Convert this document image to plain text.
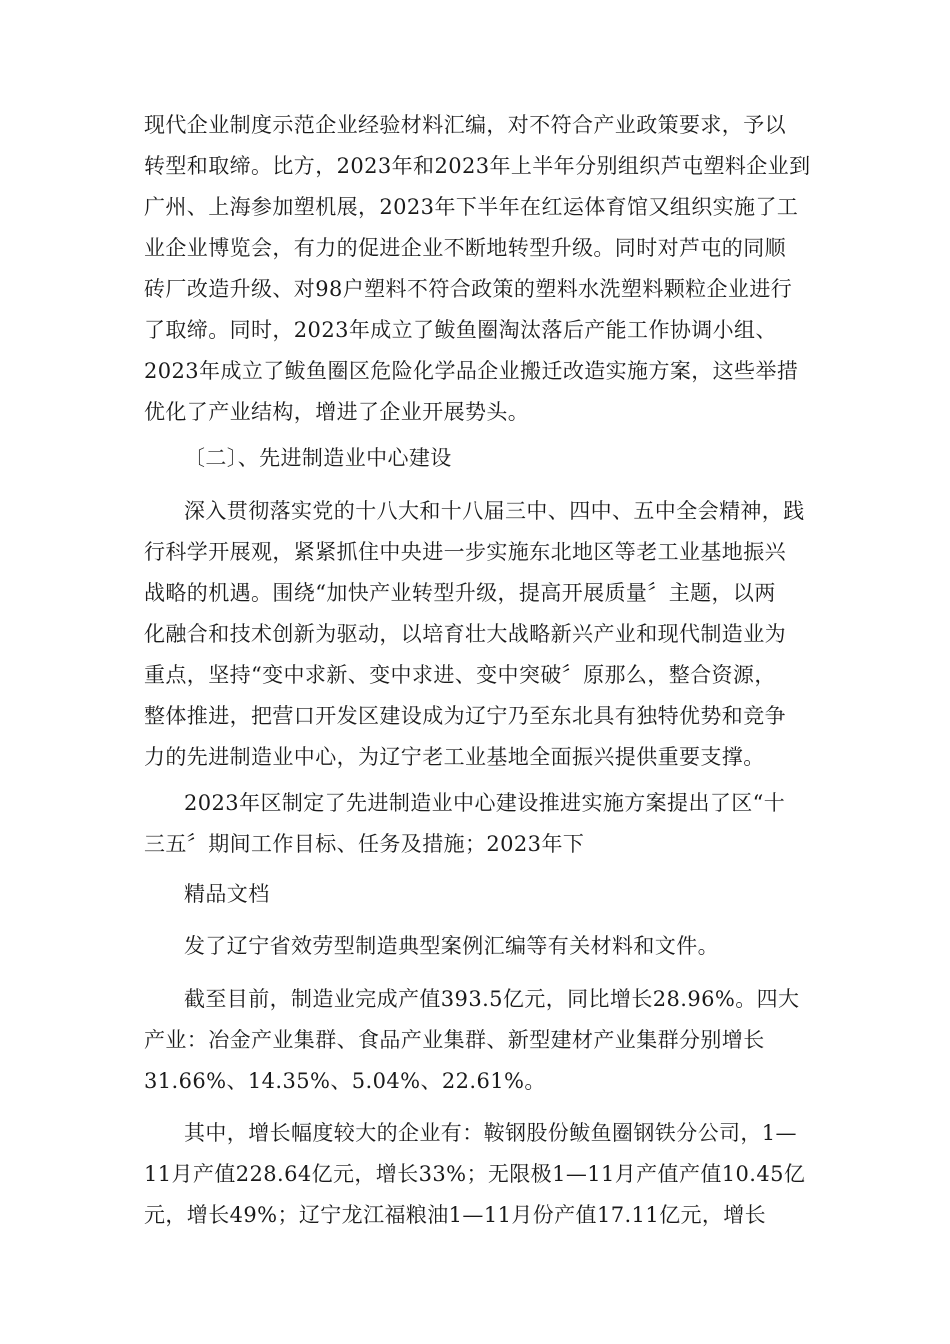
现代企业制度示范企业经验材料汇编，对不符合产业政策要求，予以
转型和取缔。比方，2023年和2023年上半年分别组织芦屯塑料企业到
广州、上海参加塑机展，2023年下半年在红运体育馆又组织实施了工
业企业博览会，有力的促进企业不断地转型升级。同时对芦屯的同顺
砖厂改造升级、对98户塑料不符合政策的塑料水洗塑料颗粒企业进行
了取缔。同时，2023年成立了鲅鱼圈淘汰落后产能工作协调小组、
2023年成立了鲅鱼圈区危险化学品企业搬迁改造实施方案，这些举措
优化了产业结构，增进了企业开展势头。
〔二〕、先进制造业中心建设
深入贯彻落实党的十八大和十八届三中、四中、五中全会精神，践
行科学开展观，紧紧抓住中央进一步实施东北地区等老工业基地振兴
战略的机遇。围绕“加快产业转型升级，提高开展质量〞主题，以两
化融合和技术创新为驱动，以培育壮大战略新兴产业和现代制造业为
重点，坚持“变中求新、变中求进、变中突破〞原那么，整合资源，
整体推进，把营口开发区建设成为辽宁乃至东北具有独特优势和竞争
力的先进制造业中心，为辽宁老工业基地全面振兴提供重要支撑。
2023年区制定了先进制造业中心建设推进实施方案提出了区“十
三五〞期间工作目标、任务及措施；2023年下
精品文档
发了辽宁省效劳型制造典型案例汇编等有关材料和文件。
截至目前，制造业完成产值393.5亿元，同比增长28.96%。四大
产业：冶金产业集群、食品产业集群、新型建材产业集群分别增长
31.66%、14.35%、5.04%、22.61%。
其中，增长幅度较大的企业有：鞍钢股份鲅鱼圈钢铁分公司，1—
11月产值228.64亿元，增长33%；无限极1—11月产值产值10.45亿
元，增长49%；辽宁龙江福粮油1—11月份产值17.11亿元，增长
